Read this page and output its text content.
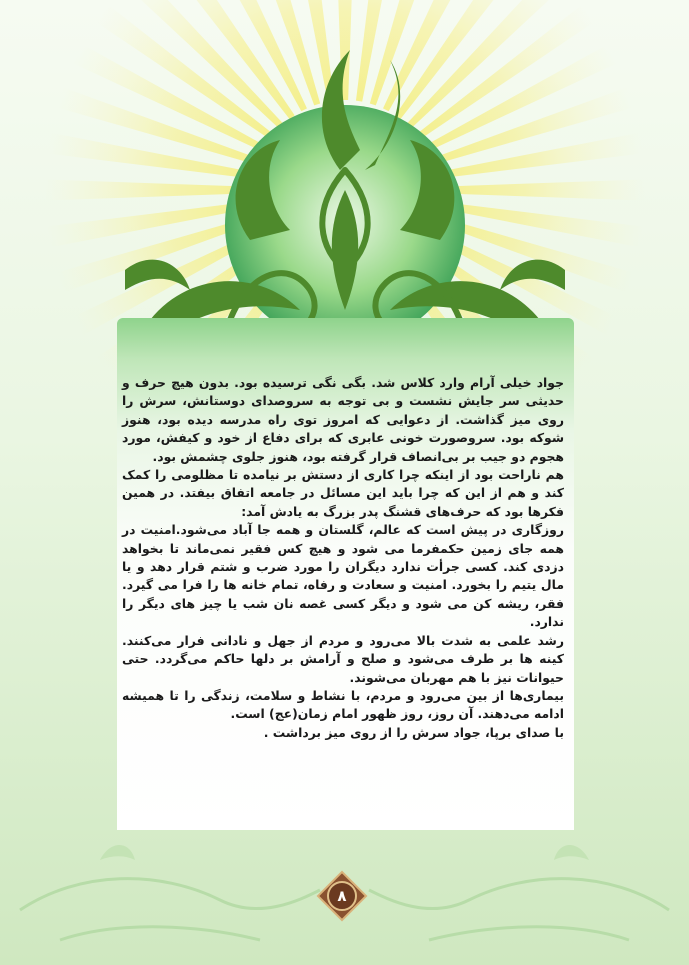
جواد خیلی آرام وارد کلاس شد. بگی نگی ترسیده بود. بدون هیچ حرف و حدیثی سر جایش نشست و بی توجه به سروصدای دوستانش، سرش را روی میز گذاشت. از دعوایی که امروز توی راه مدرسه دیده بود، هنوز شوکه بود. سروصورت خونی عابری که برای دفاع از خود و کیفش، مورد هجوم دو جیب بر بی‌انصاف قرار گرفته بود، هنوز جلوی چشمش بود.

هم ناراحت بود از اینکه چرا کاری از دستش بر نیامده تا مظلومی را کمک کند و هم از این که چرا باید این مسائل در جامعه اتفاق بیفتد. در همین فکرها بود که حرف‌های قشنگ پدر بزرگ به یادش آمد:

روزگاری در پیش است که عالم، گلستان و همه جا آباد می‌شود.امنیت در همه جای زمین حکمفرما می شود و هیچ کس فقیر نمی‌ماند تا بخواهد دزدی کند. کسی جرأت ندارد دیگران را مورد ضرب و شتم قرار دهد و یا مال یتیم را بخورد. امنیت و سعادت و رفاه، تمام خانه ها را فرا می گیرد. فقر، ریشه کن می شود و دیگر کسی غصه نان شب یا چیز های دیگر را ندارد.

رشد علمی به شدت بالا می‌رود و مردم از جهل و نادانی فرار می‌کنند. کینه ها بر طرف می‌شود و صلح و آرامش بر دلها حاکم می‌گردد. حتی حیوانات نیز با هم مهربان می‌شوند.

بیماری‌ها از بین می‌رود و مردم، با نشاط و سلامت، زندگی را تا همیشه ادامه می‌دهند. آن روز، روز ظهور امام زمان(عج) است.

با صدای برپا، جواد سرش را از روی میز برداشت .

۸
